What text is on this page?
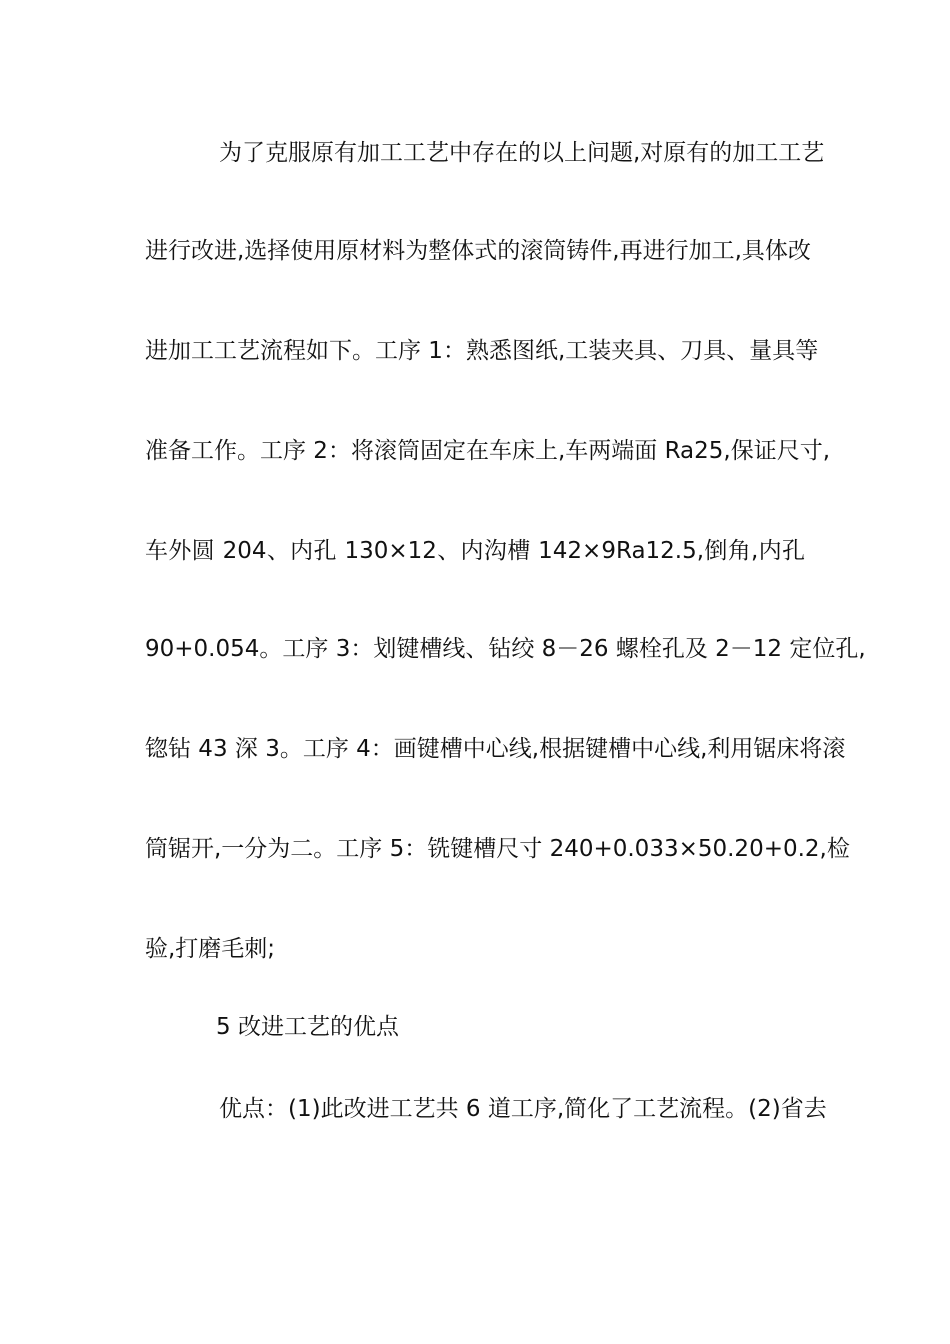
为了克服原有加工工艺中存在的以上问题,对原有的加工工艺
进行改进,选择使用原材料为整体式的滚筒铸件,再进行加工,具体改
进加工工艺流程如下。工序 1：熟悉图纸,工装夹具、刀具、量具等
准备工作。工序 2：将滚筒固定在车床上,车两端面 Ra25,保证尺寸,
车外圆 204、内孔 130×12、内沟槽 142×9Ra12.5,倒角,内孔
90+0.054。工序 3：划键槽线、钻绞 8－26 螺栓孔及 2－12 定位孔,
锪钻 43 深 3。工序 4：画键槽中心线,根据键槽中心线,利用锯床将滚
筒锯开,一分为二。工序 5：铣键槽尺寸 240+0.033×50.20+0.2,检
验,打磨毛刺;
5 改进工艺的优点
优点：(1)此改进工艺共 6 道工序,简化了工艺流程。(2)省去
